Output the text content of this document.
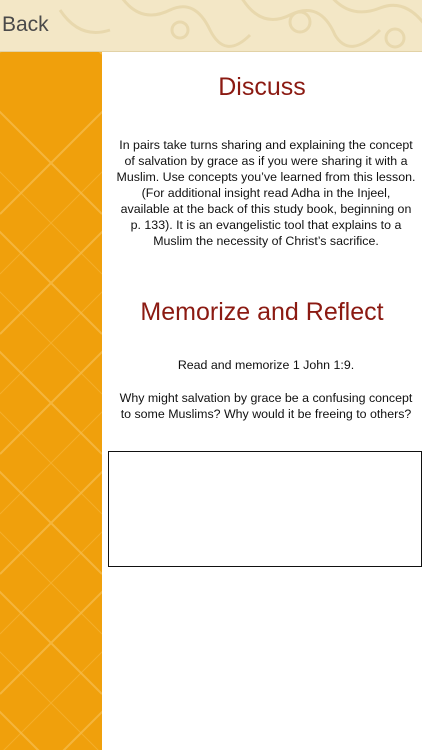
Back
Discuss

In pairs take turns sharing and explaining the concept of salvation by grace as if you were sharing it with a Muslim. Use concepts you’ve learned from this lesson. (For additional insight read Adha in the Injeel, available at the back of this study book, beginning on p. 133). It is an evangelistic tool that explains to a Muslim the necessity of Christ’s sacrifice.

Memorize and Reflect

Read and memorize 1 John 1:9.

Why might salvation by grace be a confusing concept to some Muslims? Why would it be freeing to others?
